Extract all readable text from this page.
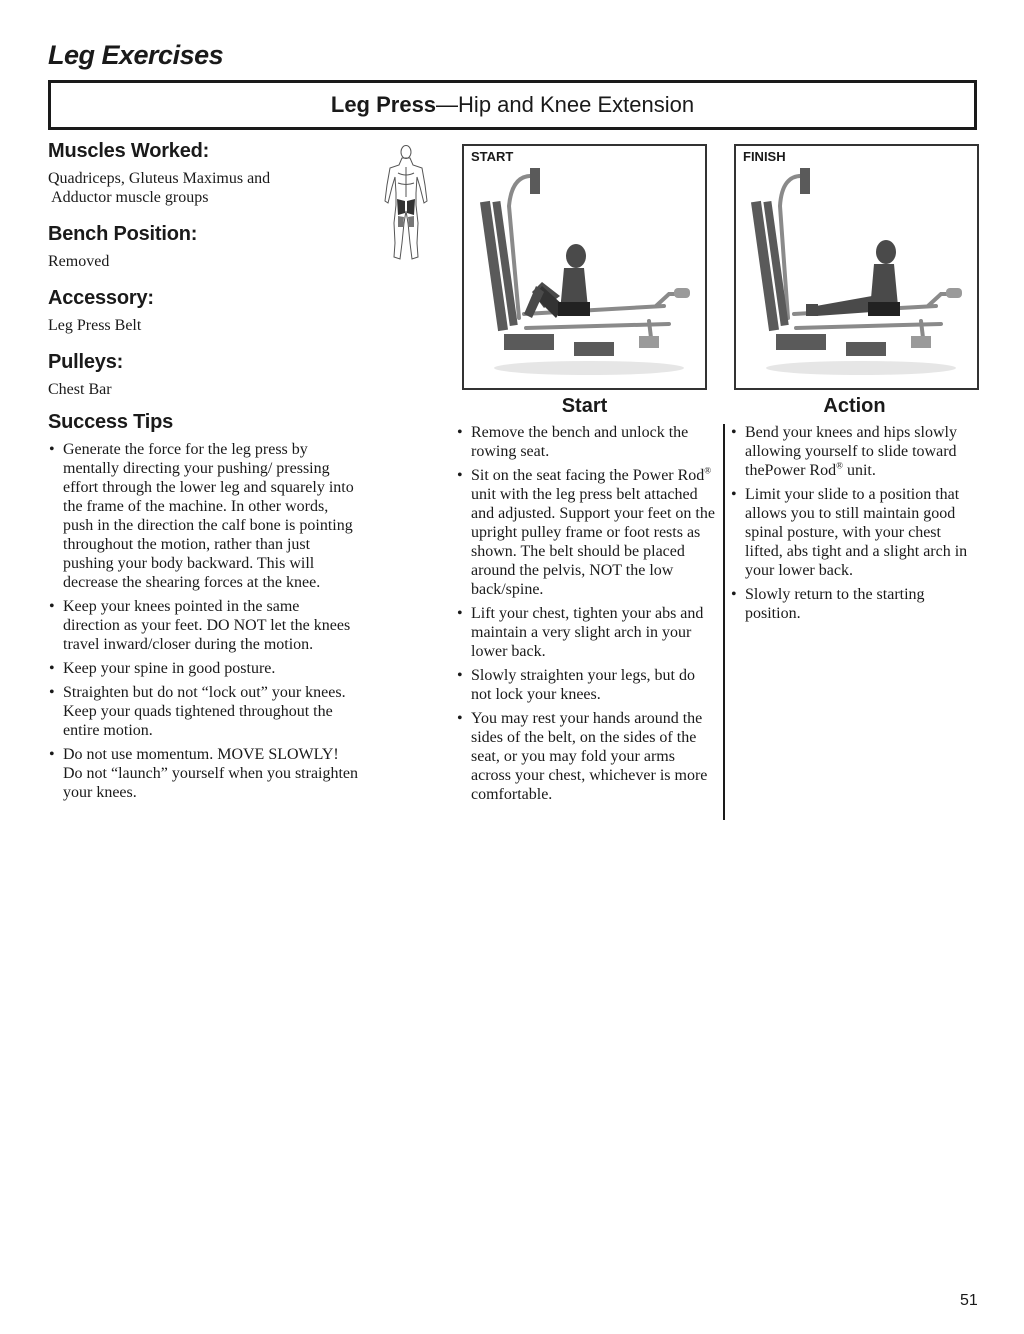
Leg Exercises
Leg Press—Hip and Knee Extension
Muscles Worked:

Quadriceps, Gluteus Maximus and

Adductor muscle groups

Bench Position:

Removed

Accessory:

Leg Press Belt

Pulleys:

Chest Bar

Success Tips
• Generate the force for the leg press by mentally directing your pushing/ pressing effort through the lower leg and squarely into the frame of the machine. In other words, push in the direction the calf bone is pointing throughout the motion, rather than just pushing your body backward. This will decrease the shearing forces at the knee.
• Keep your knees pointed in the same direction as your feet. DO NOT let the knees travel inward/closer during the motion.
• Keep your spine in good posture.
• Straighten but do not “lock out” your knees. Keep your quads tightened throughout the entire motion.
• Do not use momentum. MOVE SLOWLY! Do not “launch” yourself when you straighten your knees.
START	FINISH
Start	Action
• Remove the bench and unlock the rowing seat.
• Sit on the seat facing the Power Rod® unit with the leg press belt attached and adjusted. Support your feet on the upright pulley frame or foot rests as shown. The belt should be placed around the pelvis, NOT the low back/spine.
• Lift your chest, tighten your abs and maintain a very slight arch in your lower back.
• Slowly straighten your legs, but do not lock your knees.
• You may rest your hands around the sides of the belt, on the sides of the seat, or you may fold your arms across your chest, whichever is more comfortable.
• Bend your knees and hips slowly allowing yourself to slide toward thePower Rod® unit.
• Limit your slide to a position that allows you to still maintain good spinal posture, with your chest lifted, abs tight and a slight arch in your lower back.
• Slowly return to the starting position.
51
